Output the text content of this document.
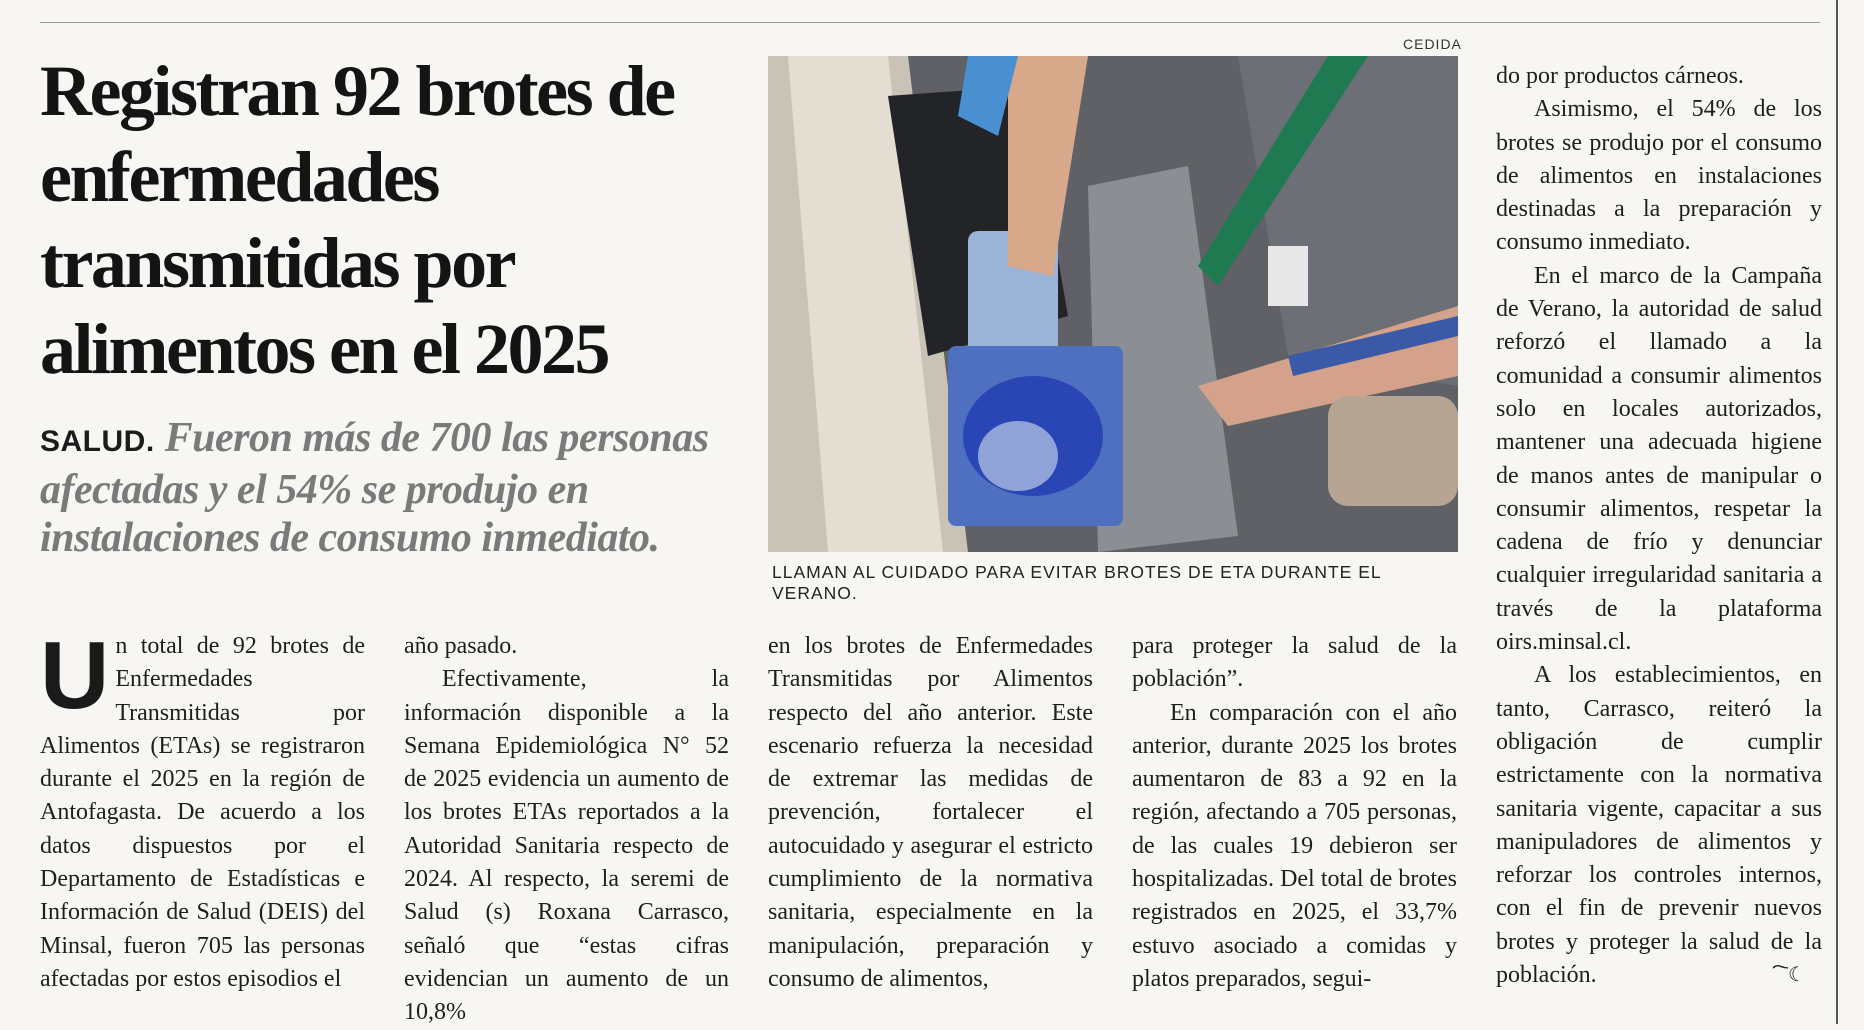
Registran 92 brotes de enfermedades transmitidas por alimentos en el 2025
SALUD. Fueron más de 700 las personas afectadas y el 54% se produjo en instalaciones de consumo inmediato.
CEDIDA
LLAMAN AL CUIDADO PARA EVITAR BROTES DE ETA DURANTE EL VERANO.
U n total de 92 brotes de Enfermedades Transmitidas por Alimentos (ETAs) se registraron durante el 2025 en la región de Antofagasta. De acuerdo a los datos dispuestos por el Departamento de Estadísticas e Información de Salud (DEIS) del Minsal, fueron 705 las personas afectadas por estos episodios el

año pasado.

Efectivamente, la información disponible a la Semana Epidemiológica N° 52 de 2025 evidencia un aumento de los brotes ETAs reportados a la Autoridad Sanitaria respecto de 2024. Al respecto, la seremi de Salud (s) Roxana Carrasco, señaló que “estas cifras evidencian un aumento de un 10,8%

en los brotes de Enfermedades Transmitidas por Alimentos respecto del año anterior. Este escenario refuerza la necesidad de extremar las medidas de prevención, fortalecer el autocuidado y asegurar el estricto cumplimiento de la normativa sanitaria, especialmente en la manipulación, preparación y consumo de alimentos,

para proteger la salud de la población”.

En comparación con el año anterior, durante 2025 los brotes aumentaron de 83 a 92 en la región, afectando a 705 personas, de las cuales 19 debieron ser hospitalizadas. Del total de brotes registrados en 2025, el 33,7% estuvo asociado a comidas y platos preparados, segui-

do por productos cárneos.

Asimismo, el 54% de los brotes se produjo por el consumo de alimentos en instalaciones destinadas a la preparación y consumo inmediato.

En el marco de la Campaña de Verano, la autoridad de salud reforzó el llamado a la comunidad a consumir alimentos solo en locales autorizados, mantener una adecuada higiene de manos antes de manipular o consumir alimentos, respetar la cadena de frío y denunciar cualquier irregularidad sanitaria a través de la plataforma oirs.minsal.cl.

A los establecimientos, en tanto, Carrasco, reiteró la obligación de cumplir estrictamente con la normativa sanitaria vigente, capacitar a sus manipuladores de alimentos y reforzar los controles internos, con el fin de prevenir nuevos brotes y proteger la salud de la población.	҇☾
